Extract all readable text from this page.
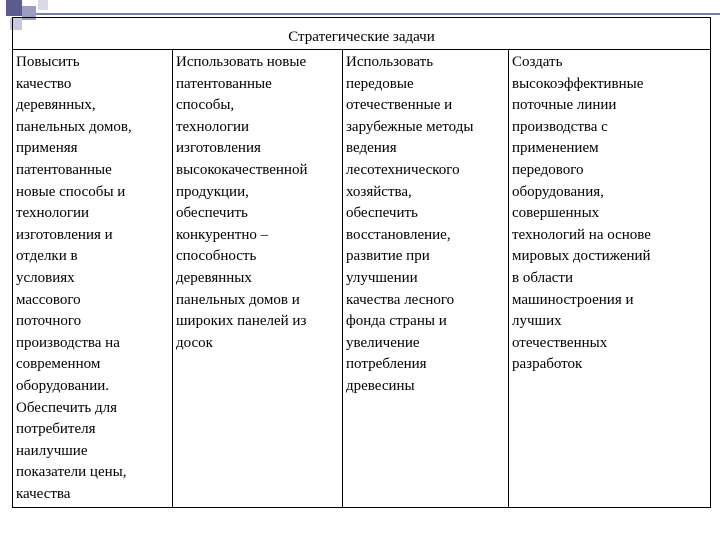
Стратегические задачи

Повысить
качество
деревянных,
панельных домов,
применяя
патентованные
новые способы и
технологии
изготовления и
отделки в
условиях
массового
поточного
производства на
современном
оборудовании.
Обеспечить для
потребителя
наилучшие
показатели цены,
качества

Использовать новые
патентованные
способы,
технологии
изготовления
высококачественной
продукции,
обеспечить
конкурентно –
способность
деревянных
панельных домов и
широких панелей из
досок

Использовать
передовые
отечественные и
зарубежные методы
ведения
лесотехнического
хозяйства,
обеспечить
восстановление,
развитие при
улучшении
качества лесного
фонда страны и
увеличение
потребления
древесины

Создать
высокоэффективные
поточные линии
производства с
применением
передового
оборудования,
совершенных
технологий на основе
мировых достижений
в области
машиностроения и
лучших
отечественных
разработок
